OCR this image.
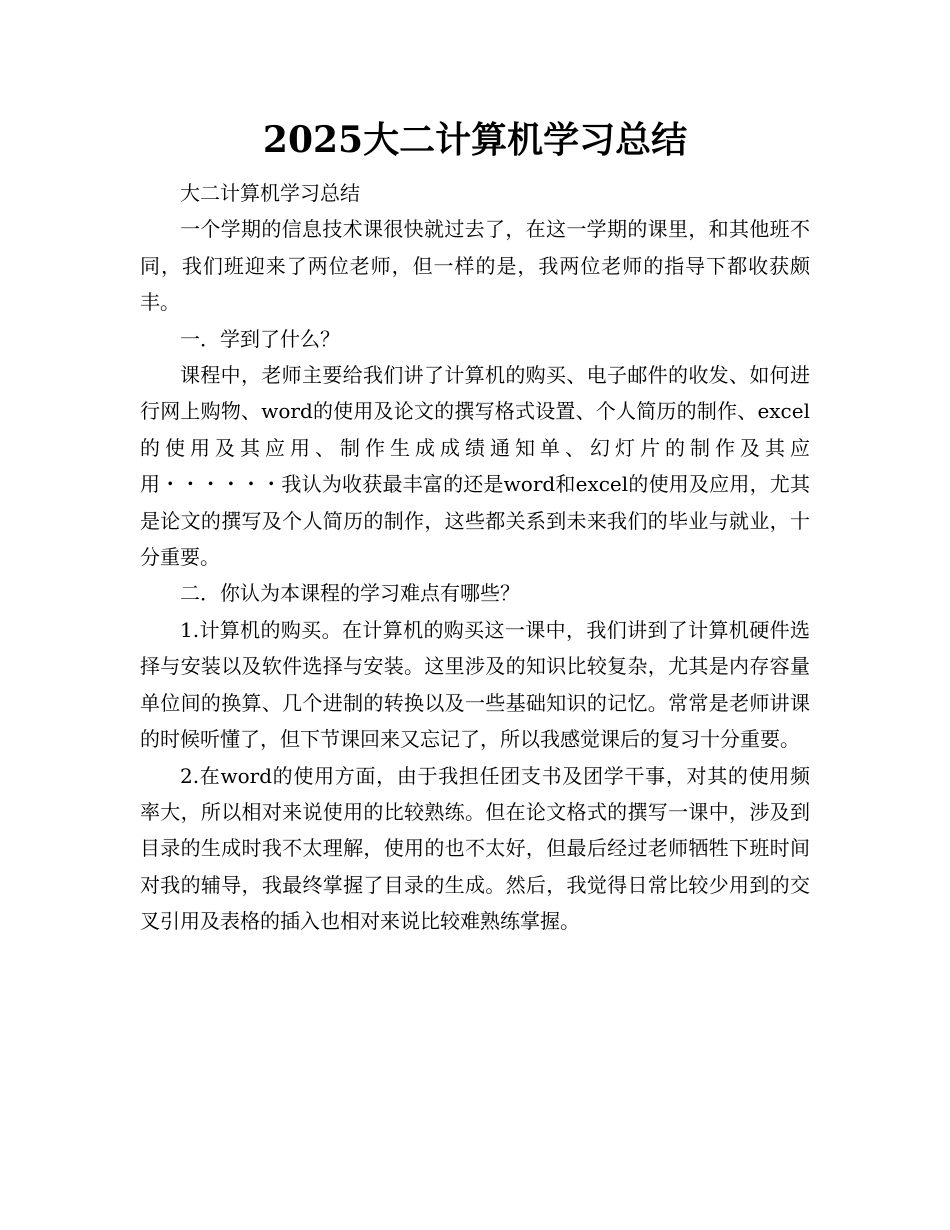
2025大二计算机学习总结

大二计算机学习总结

一个学期的信息技术课很快就过去了，在这一学期的课里，和其他班不同，我们班迎来了两位老师，但一样的是，我两位老师的指导下都收获颇丰。

一．学到了什么？

课程中，老师主要给我们讲了计算机的购买、电子邮件的收发、如何进行网上购物、word的使用及论文的撰写格式设置、个人简历的制作、excel的使用及其应用、制作生成成绩通知单、幻灯片的制作及其应用・・・・・・我认为收获最丰富的还是word和excel的使用及应用，尤其是论文的撰写及个人简历的制作，这些都关系到未来我们的毕业与就业，十分重要。

二．你认为本课程的学习难点有哪些？

1.计算机的购买。在计算机的购买这一课中，我们讲到了计算机硬件选择与安装以及软件选择与安装。这里涉及的知识比较复杂，尤其是内存容量单位间的换算、几个进制的转换以及一些基础知识的记忆。常常是老师讲课的时候听懂了，但下节课回来又忘记了，所以我感觉课后的复习十分重要。

2.在word的使用方面，由于我担任团支书及团学干事，对其的使用频率大，所以相对来说使用的比较熟练。但在论文格式的撰写一课中，涉及到目录的生成时我不太理解，使用的也不太好，但最后经过老师牺牲下班时间对我的辅导，我最终掌握了目录的生成。然后，我觉得日常比较少用到的交叉引用及表格的插入也相对来说比较难熟练掌握。
